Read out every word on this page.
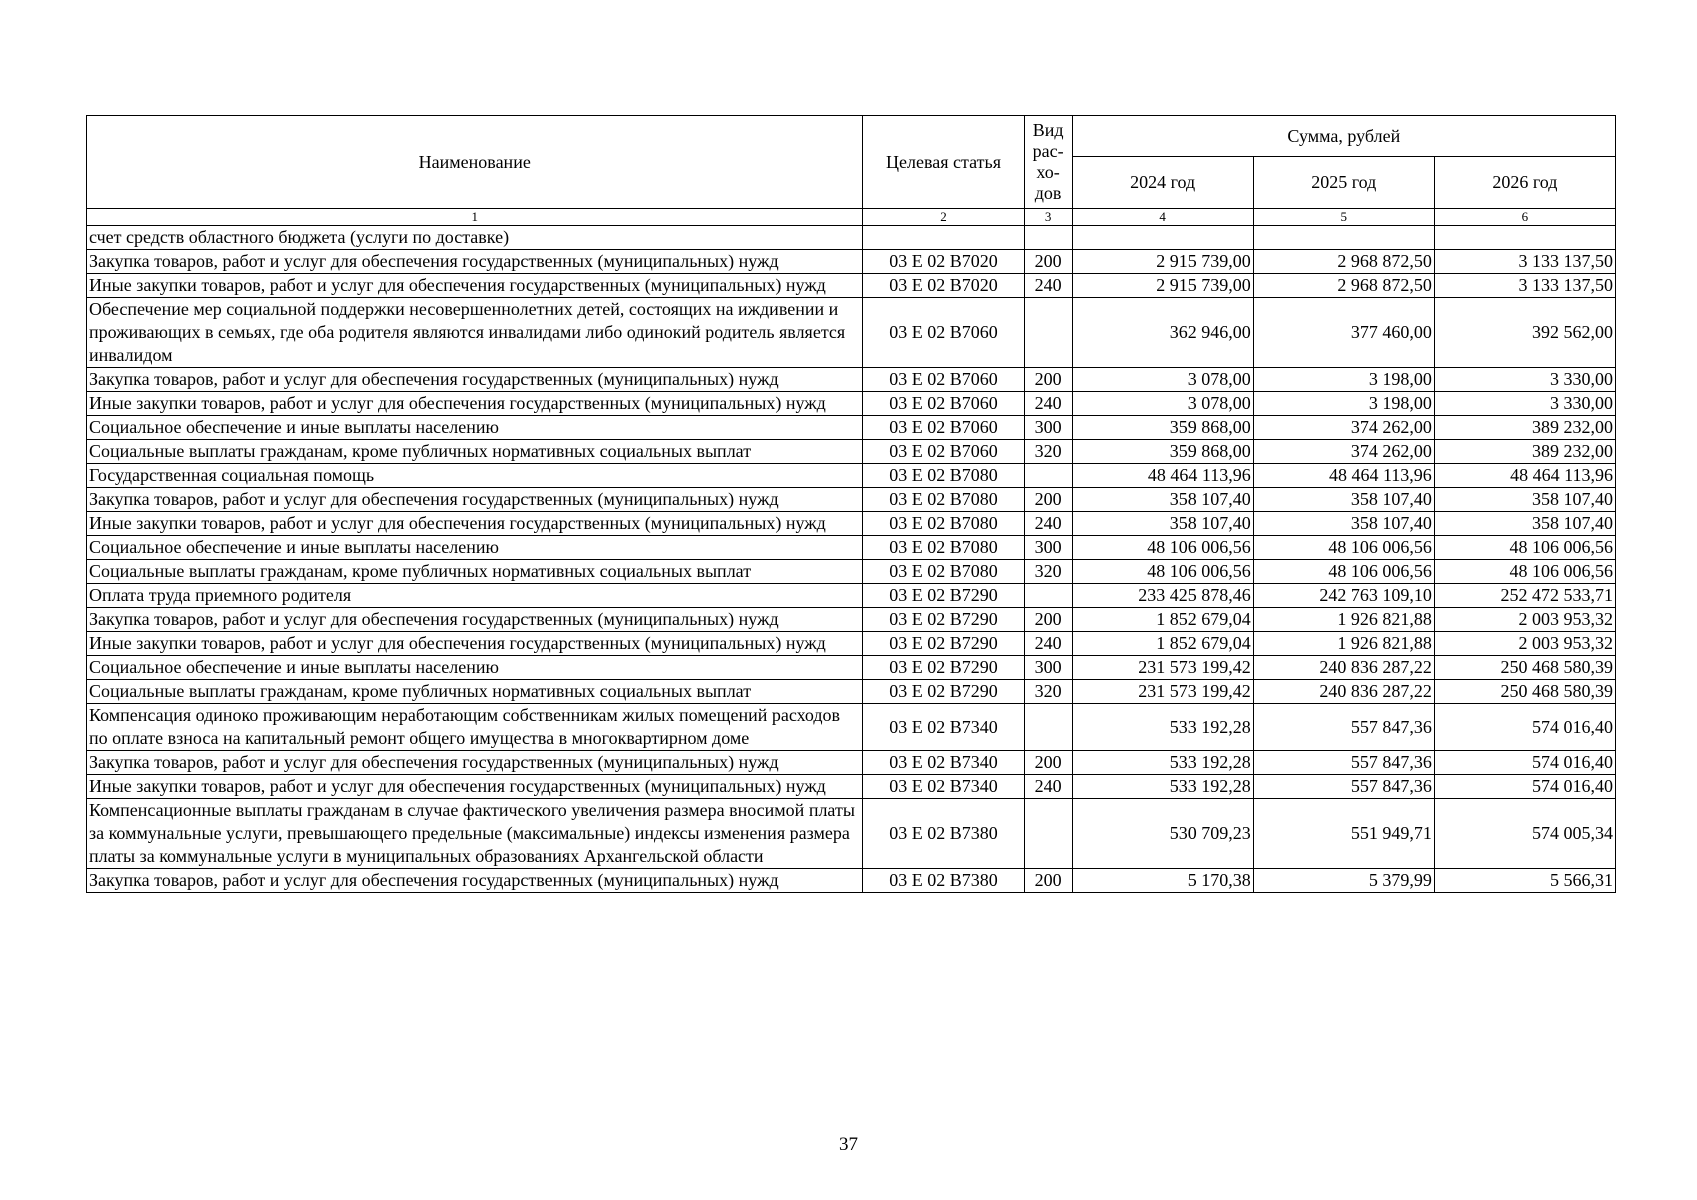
Наименование	Целевая статья	Вид рас-хо-дов	Сумма, рублей		
			2024 год	2025 год	2026 год
1	2	3	4	5	6
счет средств областного бюджета (услуги по доставке)					
Закупка товаров, работ и услуг для обеспечения государственных (муниципальных) нужд	03 Е 02 В7020	200	2 915 739,00	2 968 872,50	3 133 137,50
Иные закупки товаров, работ и услуг для обеспечения государственных (муниципальных) нужд	03 Е 02 В7020	240	2 915 739,00	2 968 872,50	3 133 137,50
Обеспечение мер социальной поддержки несовершеннолетних детей, состоящих на иждивении и проживающих в семьях, где оба родителя являются инвалидами либо одинокий родитель является инвалидом	03 Е 02 В7060		362 946,00	377 460,00	392 562,00
Закупка товаров, работ и услуг для обеспечения государственных (муниципальных) нужд	03 Е 02 В7060	200	3 078,00	3 198,00	3 330,00
Иные закупки товаров, работ и услуг для обеспечения государственных (муниципальных) нужд	03 Е 02 В7060	240	3 078,00	3 198,00	3 330,00
Социальное обеспечение и иные выплаты населению	03 Е 02 В7060	300	359 868,00	374 262,00	389 232,00
Социальные выплаты гражданам, кроме публичных нормативных социальных выплат	03 Е 02 В7060	320	359 868,00	374 262,00	389 232,00
Государственная социальная помощь	03 Е 02 В7080		48 464 113,96	48 464 113,96	48 464 113,96
Закупка товаров, работ и услуг для обеспечения государственных (муниципальных) нужд	03 Е 02 В7080	200	358 107,40	358 107,40	358 107,40
Иные закупки товаров, работ и услуг для обеспечения государственных (муниципальных) нужд	03 Е 02 В7080	240	358 107,40	358 107,40	358 107,40
Социальное обеспечение и иные выплаты населению	03 Е 02 В7080	300	48 106 006,56	48 106 006,56	48 106 006,56
Социальные выплаты гражданам, кроме публичных нормативных социальных выплат	03 Е 02 В7080	320	48 106 006,56	48 106 006,56	48 106 006,56
Оплата труда приемного родителя	03 Е 02 В7290		233 425 878,46	242 763 109,10	252 472 533,71
Закупка товаров, работ и услуг для обеспечения государственных (муниципальных) нужд	03 Е 02 В7290	200	1 852 679,04	1 926 821,88	2 003 953,32
Иные закупки товаров, работ и услуг для обеспечения государственных (муниципальных) нужд	03 Е 02 В7290	240	1 852 679,04	1 926 821,88	2 003 953,32
Социальное обеспечение и иные выплаты населению	03 Е 02 В7290	300	231 573 199,42	240 836 287,22	250 468 580,39
Социальные выплаты гражданам, кроме публичных нормативных социальных выплат	03 Е 02 В7290	320	231 573 199,42	240 836 287,22	250 468 580,39
Компенсация одиноко проживающим неработающим собственникам жилых помещений расходов по оплате взноса на капитальный ремонт общего имущества в многоквартирном доме	03 Е 02 В7340		533 192,28	557 847,36	574 016,40
Закупка товаров, работ и услуг для обеспечения государственных (муниципальных) нужд	03 Е 02 В7340	200	533 192,28	557 847,36	574 016,40
Иные закупки товаров, работ и услуг для обеспечения государственных (муниципальных) нужд	03 Е 02 В7340	240	533 192,28	557 847,36	574 016,40
Компенсационные выплаты гражданам в случае фактического увеличения размера вносимой платы за коммунальные услуги, превышающего предельные (максимальные) индексы изменения размера платы за коммунальные услуги в муниципальных образованиях Архангельской области	03 Е 02 В7380		530 709,23	551 949,71	574 005,34
Закупка товаров, работ и услуг для обеспечения государственных (муниципальных) нужд	03 Е 02 В7380	200	5 170,38	5 379,99	5 566,31
37
